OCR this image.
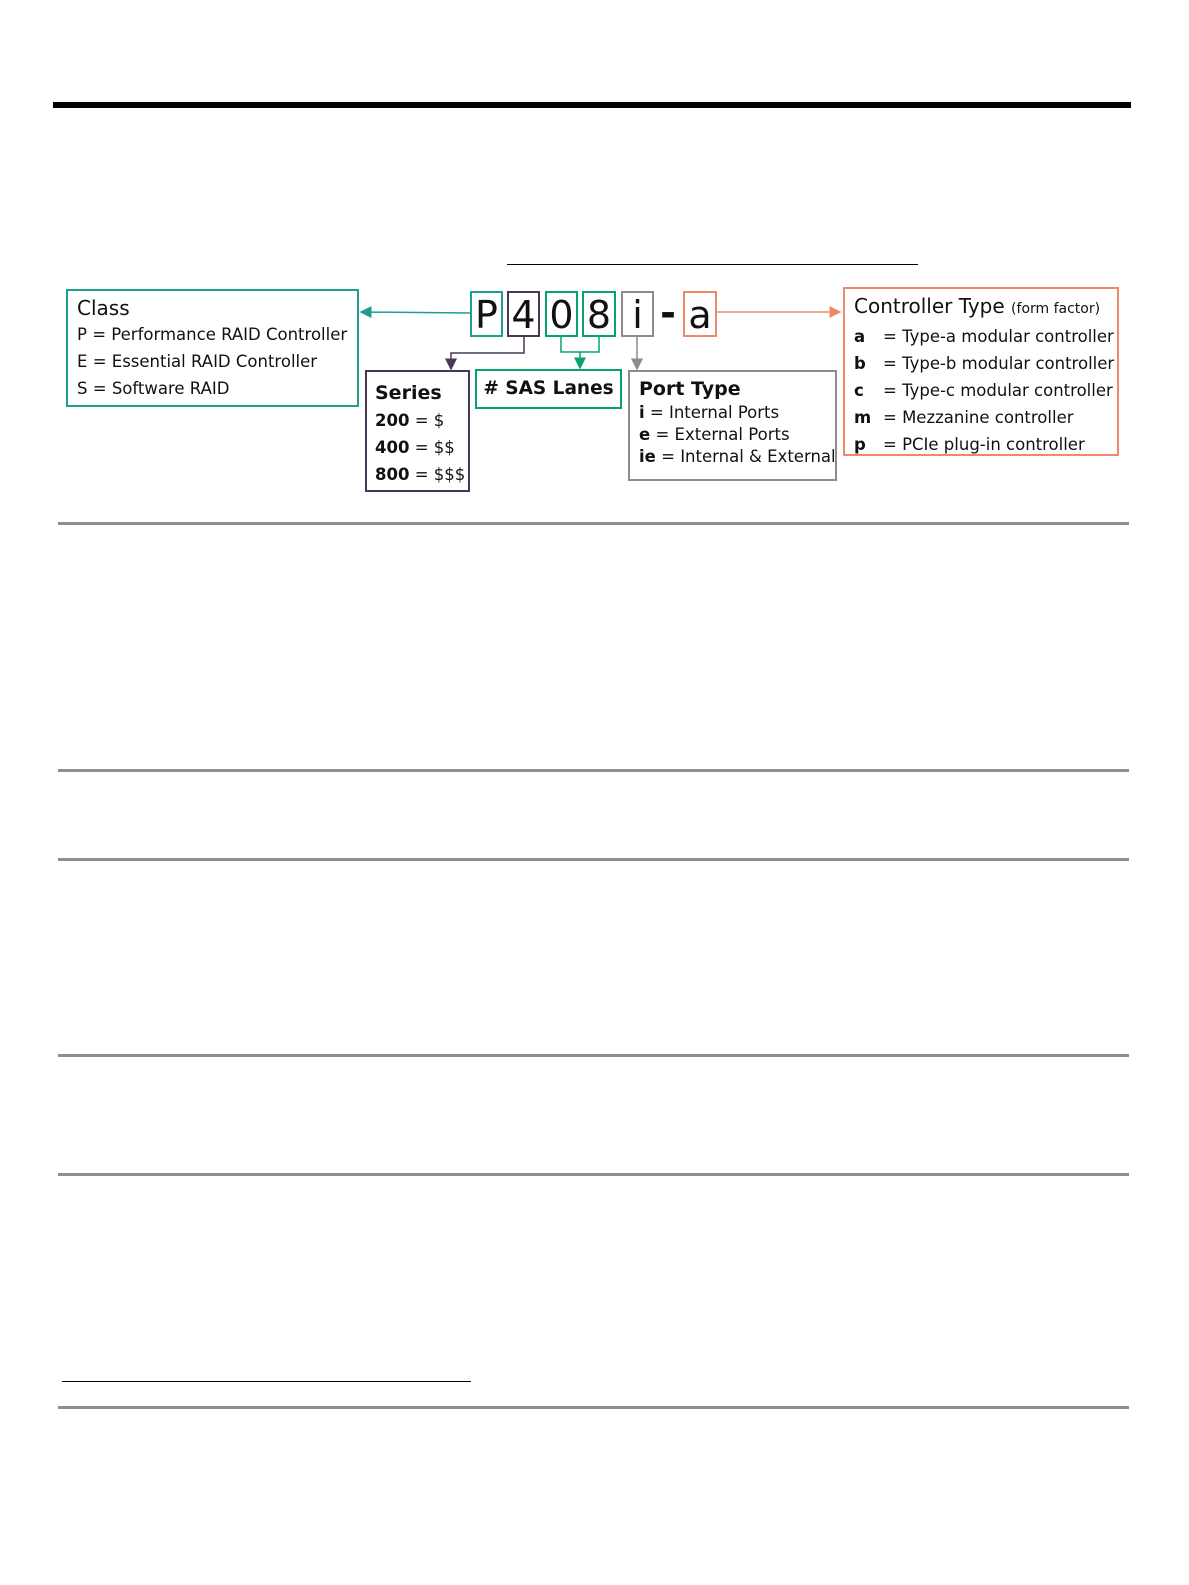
P 4 0 8 i - a
Class
P = Performance RAID Controller
E = Essential RAID Controller
S = Software RAID	Series
200 = $
400 = $$
800 = $$$
# SAS Lanes	Port Type
i = Internal Ports
e = External Ports
ie = Internal & External
Controller Type (form factor)
a = Type-a modular controller
b = Type-b modular controller
c = Type-c modular controller
m = Mezzanine controller
p = PCIe plug-in controller
